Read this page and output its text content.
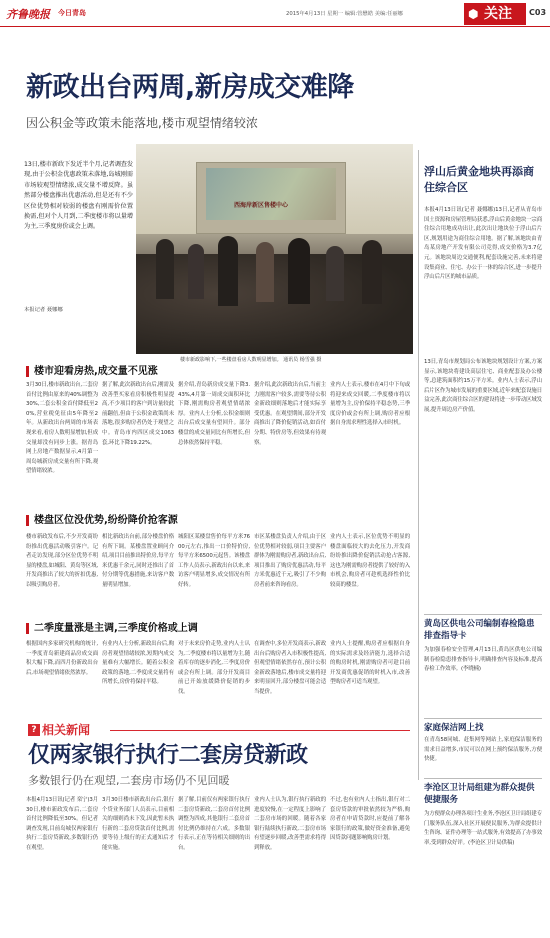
齐鲁晚报 今日青岛	2015年4月13日 星期一 编辑:管懋皓 美编:任丽娜	⬢ 关注 C03
新政出台两周,新房成交难降
因公积金等政策未能落地,楼市观望情绪较浓
13日,楼市新政下发近半个月,记者调查发现,由于公积金优惠政策未落地,岛城刚需市场较观望情绪浓,成交量不增反降。虽然部分楼盘推出优惠活动,但是还有不少区位优势相对较弱的楼盘有刚需价位置换需,但对个人月到,二季度楼市将以量增为主,三季度房价或会上调。
本报记者 聂娜娜
西海岸新区售楼中心
楼市新政影响下,一些楼盘看房人数明显增加。 通讯员 杨雪强 摄
楼市迎看房热,成交量不见涨
3月30日,楼市新政出台,二套房首付比例由原来的40%调整为30%,二套公积金首付降低至20%,营业税免征由5年降至2年。从新政出台两周的市场表现来看,看房人数明显增加,但成交量却没有同步上涨。据青岛网上房地产数据显示,4月第一周岛城新房成交量有所下降,观望情绪较浓。
据了解,此次新政出台后,刚需及改善型买家看房积极性明显提高,不少项目的客户到访量较此前翻倍,但由于公积金政策尚未落地,很多购房者仍处于观望之中。青岛市内四区成交1063套,环比下降19.22%。
据介绍,青岛新房成交量下降3.43%,4月第一周成交面积环比下降,刚需购房者观望情绪浓厚。业内人士分析,公积金细则出台后成交量有望回升。部分楼盘的成交量同比有所增长,但总体依然保持平稳。
据介绍,此次新政出台后,当前主力刚需客户较多,需要等待公积金新政细则落地后才能实际享受优惠。在观望期间,部分开发商推出了降价促销活动,如首付分期、特价房等,但效果有待观察。
业内人士表示,楼市在4月中下旬或将迎来成交回暖,二季度楼市将以量增为主,房价保持平稳态势,三季度房价或会有所上调,购房者应根据自身需求理性选择入市时机。
楼盘区位没优势,纷纷降价抢客源
楼市新政发布后,不少开发商纷纷推出优惠活动吸引客户。记者走访发现,部分区位优势不明显的楼盘,如城阳、黄岛等区域,开发商推出了较大的折扣优惠,以吸引购房者。
相比新政出台前,部分楼盘价格有所下调。某楼盘置业顾问介绍,项目目前推出特价房,每平方米优惠千余元,同时还推出了首付分期等优惠措施,来访客户数量明显增加。
城阳区某楼盘售价每平方米7600元左右,推出一口价特价房,每平方米6500元起售。该楼盘工作人员表示,新政出台以来,来访客户明显增多,成交情况有所好转。
市区某楼盘负责人介绍,由于区位优势相对较弱,项目主要客户群体为刚需购房者,新政出台后,项目推出了购房优惠活动,每平方米优惠近千元,吸引了不少购房者前来咨询看房。
业内人士表示,区位优势不明显的楼盘面临较大的去化压力,开发商纷纷推出降价促销活动抢占客源,这也为刚需购房者提供了较好的入市机会,购房者可趁机选择性价比较高的楼盘。
二季度量涨是主调,三季度价格或上调
根据国内多家研究机构的统计,一季度青岛新建商品房成交面积大幅下降,而四月份新政出台后,市场观望情绪依然浓厚。
有业内人士分析,新政出台后,购房者观望情绪较浓,短期内成交量难有大幅增长。随着公积金政策的落地,二季度成交量将有所增长,房价将保持平稳。
对于未来房价走势,业内人士认为,二季度楼市将以量增为主,随着库存的逐步消化,三季度房价或会有所上调。部分开发商目前已开始放缓降价促销的步伐。
在调查中,多位开发商表示,新政出台后购房者入市积极性提高,但观望情绪依然存在,预计公积金新政落地后,楼市成交量将迎来明显回升,部分楼盘可能会适当提价。
业内人士提醒,购房者应根据自身的实际需求及经济能力,选择合适的购房时机,刚需购房者可趁目前开发商优惠促销的时机入市,改善型购房者可适当观望。
? 相关新闻
仅两家银行执行二套房贷新政
多数银行仍在观望,二套房市场仍不见回暖
本报4月13日讯(记者 栾宁)3月30日,楼市新政发布后,二套房首付比例降低至30%。但记者调查发现,目前岛城仅两家银行执行二套房贷新政,多数银行仍在观望。
3月30日楼市新政出台后,银行个贷业务部门人员表示,目前相关的细则尚未下发,因此暂未执行新的二套房贷款首付比例,需要等待上级行的正式通知后才能实施。
据了解,目前仅有两家银行执行二套房贷新政,二套房首付比例调整为四成,其他银行二套房首付比例仍维持在六成。多数银行表示,正在等待相关细则的出台。
业内人士认为,银行执行新政的进度较慢,在一定程度上影响了二套房市场的回暖。随着各家银行陆续执行新政,二套房市场有望逐步回暖,改善型需求将得到释放。
不过,也有业内人士指出,银行对二套房贷款的审批依然较为严格,购房者在申请贷款时,应提前了解各家银行的政策,做好资金准备,避免因贷款问题影响购房计划。
浮山后黄金地块再添商住综合区
本报4月13日讯(记者 聂娜娜)13日,记者从青岛市国土资源和房屋管理局获悉,浮山后黄金地块一宗商住综合用地成功出让,此次出让地块位于浮山后片区,规划用途为商住综合用地。据了解,该地块由青岛某房地产开发有限公司竞得,成交价格为3.7亿元。该地块周边交通便利,配套设施完善,未来将建设集商业、住宅、办公于一体的综合区,进一步提升浮山后片区的城市品质。
13日,青岛市规划局公布该地块规划设计方案,方案显示,该地块将建设高层住宅、商业配套及办公楼等,总建筑面积约15万平方米。业内人士表示,浮山后片区作为城市发展的重要区域,近年来配套设施日益完善,此次商住综合区的建设将进一步带动区域发展,提升周边房产价值。
黄岛区供电公司编制春检隐患排查指导卡
为加强春检安全管理,4月13日,黄岛区供电公司编制春检隐患排查指导卡,明确排查内容及标准,提高春检工作效率。(李晓楠)
家庭保洁网上找
在青岛58同城、赶集网等网站上,家庭保洁服务的需求日益增多,市民可以在网上预约保洁服务,方便快捷。
李沧区卫计局组建为群众提供便捷服务
为方便群众办理各项计生业务,李沧区卫计局组建专门服务队伍,深入社区开展便民服务,为群众提供计生咨询、证件办理等一站式服务,有效提高了办事效率,受到群众好评。(李沧区卫计局供稿)
